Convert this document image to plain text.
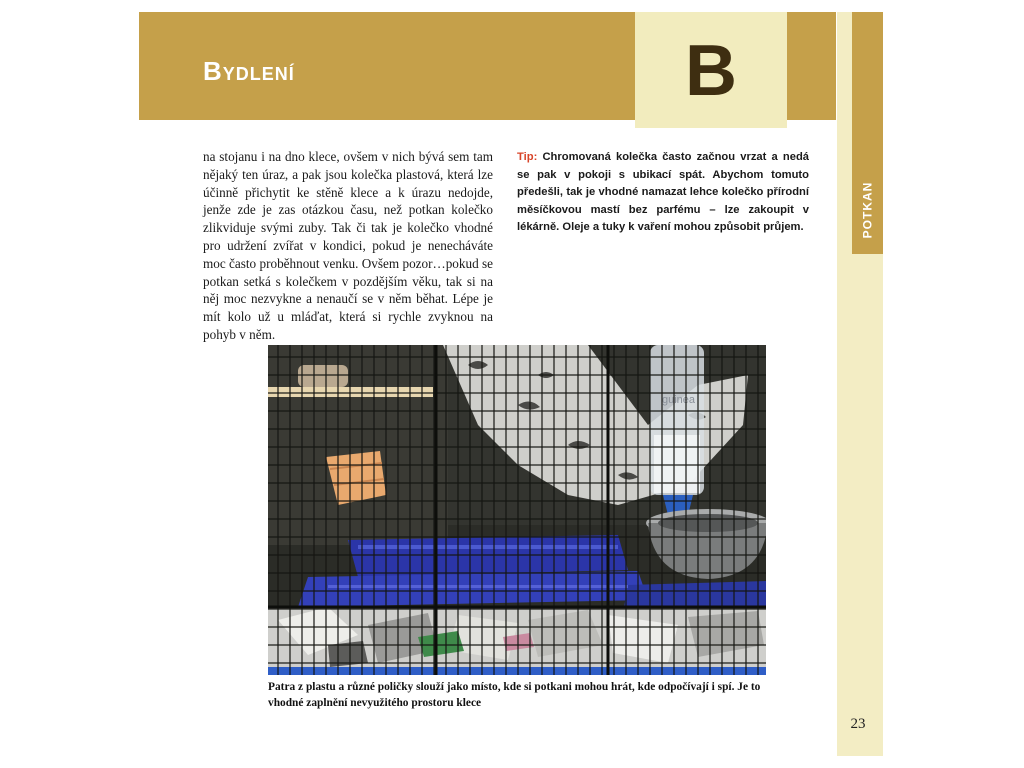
Bydlení	B
POTKAN
na stojanu i na dno klece, ovšem v nich bývá sem tam nějaký ten úraz, a pak jsou kolečka plastová, která lze účinně přichytit ke stěně klece a k úrazu nedojde, jenže zde je zas otázkou času, než potkan kolečko zlikviduje svými zuby. Tak či tak je kolečko vhodné pro udržení zvířat v kondici, pokud je nenecháváte moc často proběhnout venku. Ovšem pozor…pokud se potkan setká s kolečkem v pozdějším věku, tak si na něj moc nezvykne a nenaučí se v něm běhat. Lépe je mít kolo už u mláďat, která si rychle zvyknou na pohyb v něm.
Tip: Chromovaná kolečka často začnou vrzat a nedá se pak v pokoji s ubikací spát. Abychom tomuto předešli, tak je vhodné namazat lehce kolečko přírodní měsíčkovou mastí bez parfému – lze zakoupit v lékárně. Oleje a tuky k vaření mohou způsobit průjem.
guinea
Patra z plastu a různé poličky slouží jako místo, kde si potkani mohou hrát, kde odpočívají i spí. Je to vhodné zaplnění nevyužitého prostoru klece
23
